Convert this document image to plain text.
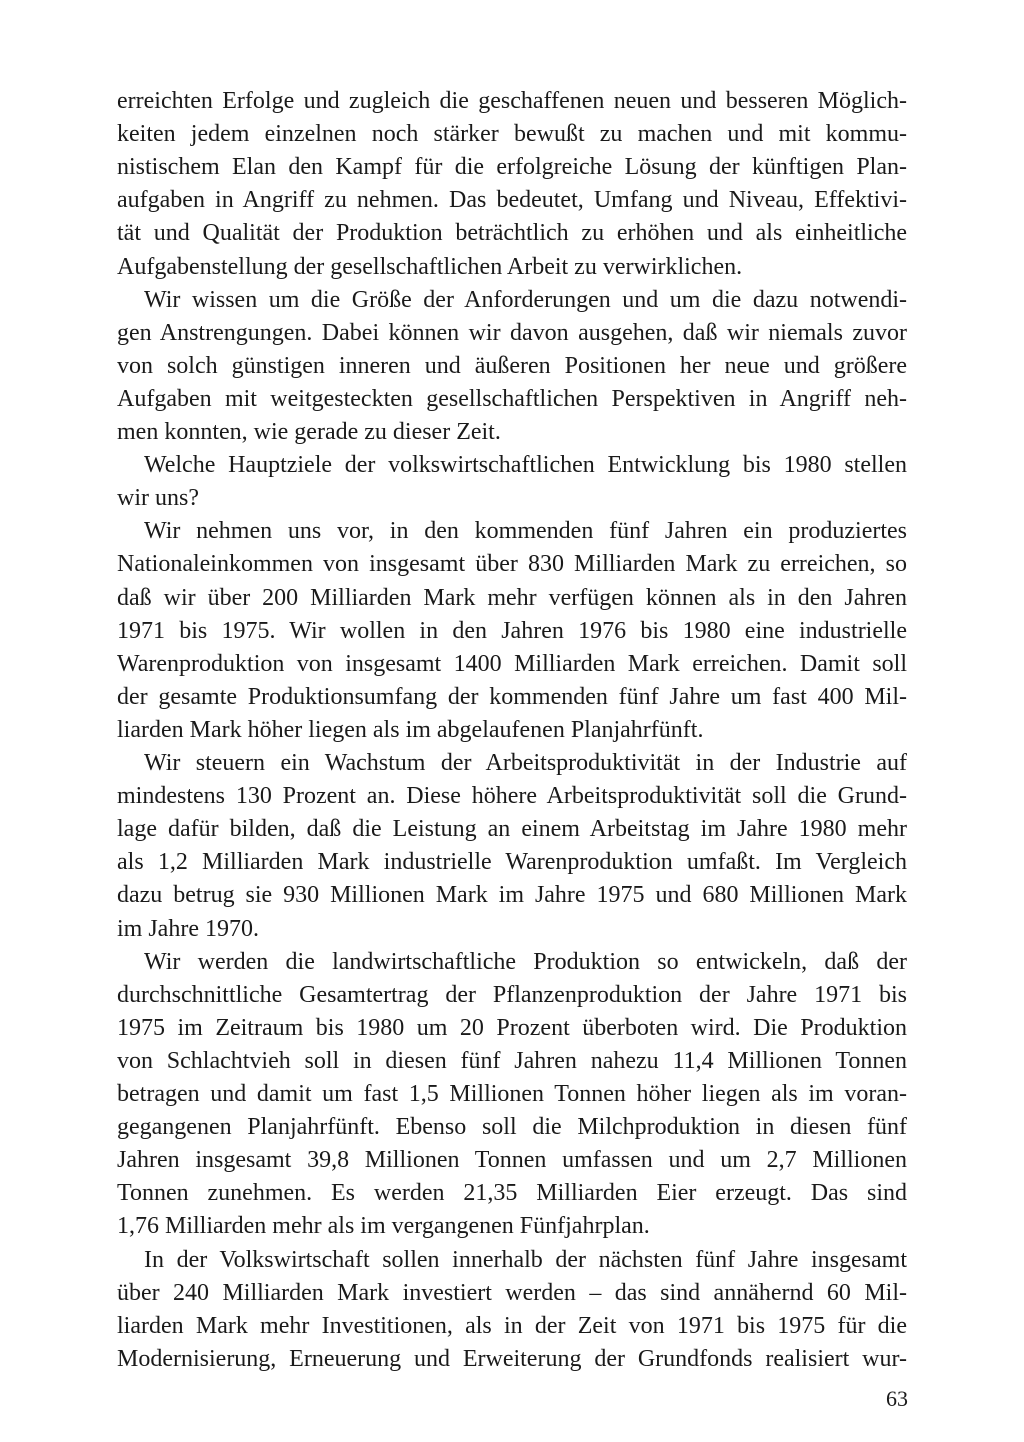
erreichten Erfolge und zugleich die geschaffenen neuen und besseren Möglich-
keiten jedem einzelnen noch stärker bewußt zu machen und mit kommu-
nistischem Elan den Kampf für die erfolgreiche Lösung der künftigen Plan-
aufgaben in Angriff zu nehmen. Das bedeutet, Umfang und Niveau, Effektivi-
tät und Qualität der Produktion beträchtlich zu erhöhen und als einheitliche
Aufgabenstellung der gesellschaftlichen Arbeit zu verwirklichen.
Wir wissen um die Größe der Anforderungen und um die dazu notwendi-
gen Anstrengungen. Dabei können wir davon ausgehen, daß wir niemals zuvor
von solch günstigen inneren und äußeren Positionen her neue und größere
Aufgaben mit weitgesteckten gesellschaftlichen Perspektiven in Angriff neh-
men konnten, wie gerade zu dieser Zeit.
Welche Hauptziele der volkswirtschaftlichen Entwicklung bis 1980 stellen
wir uns?
Wir nehmen uns vor, in den kommenden fünf Jahren ein produziertes
Nationaleinkommen von insgesamt über 830 Milliarden Mark zu erreichen, so
daß wir über 200 Milliarden Mark mehr verfügen können als in den Jahren
1971 bis 1975. Wir wollen in den Jahren 1976 bis 1980 eine industrielle
Warenproduktion von insgesamt 1400 Milliarden Mark erreichen. Damit soll
der gesamte Produktionsumfang der kommenden fünf Jahre um fast 400 Mil-
liarden Mark höher liegen als im abgelaufenen Planjahrfünft.
Wir steuern ein Wachstum der Arbeitsproduktivität in der Industrie auf
mindestens 130 Prozent an. Diese höhere Arbeitsproduktivität soll die Grund-
lage dafür bilden, daß die Leistung an einem Arbeitstag im Jahre 1980 mehr
als 1,2 Milliarden Mark industrielle Warenproduktion umfaßt. Im Vergleich
dazu betrug sie 930 Millionen Mark im Jahre 1975 und 680 Millionen Mark
im Jahre 1970.
Wir werden die landwirtschaftliche Produktion so entwickeln, daß der
durchschnittliche Gesamtertrag der Pflanzenproduktion der Jahre 1971 bis
1975 im Zeitraum bis 1980 um 20 Prozent überboten wird. Die Produktion
von Schlachtvieh soll in diesen fünf Jahren nahezu 11,4 Millionen Tonnen
betragen und damit um fast 1,5 Millionen Tonnen höher liegen als im voran-
gegangenen Planjahrfünft. Ebenso soll die Milchproduktion in diesen fünf
Jahren insgesamt 39,8 Millionen Tonnen umfassen und um 2,7 Millionen
Tonnen zunehmen. Es werden 21,35 Milliarden Eier erzeugt. Das sind
1,76 Milliarden mehr als im vergangenen Fünfjahrplan.
In der Volkswirtschaft sollen innerhalb der nächsten fünf Jahre insgesamt
über 240 Milliarden Mark investiert werden – das sind annähernd 60 Mil-
liarden Mark mehr Investitionen, als in der Zeit von 1971 bis 1975 für die
Modernisierung, Erneuerung und Erweiterung der Grundfonds realisiert wur-
63
